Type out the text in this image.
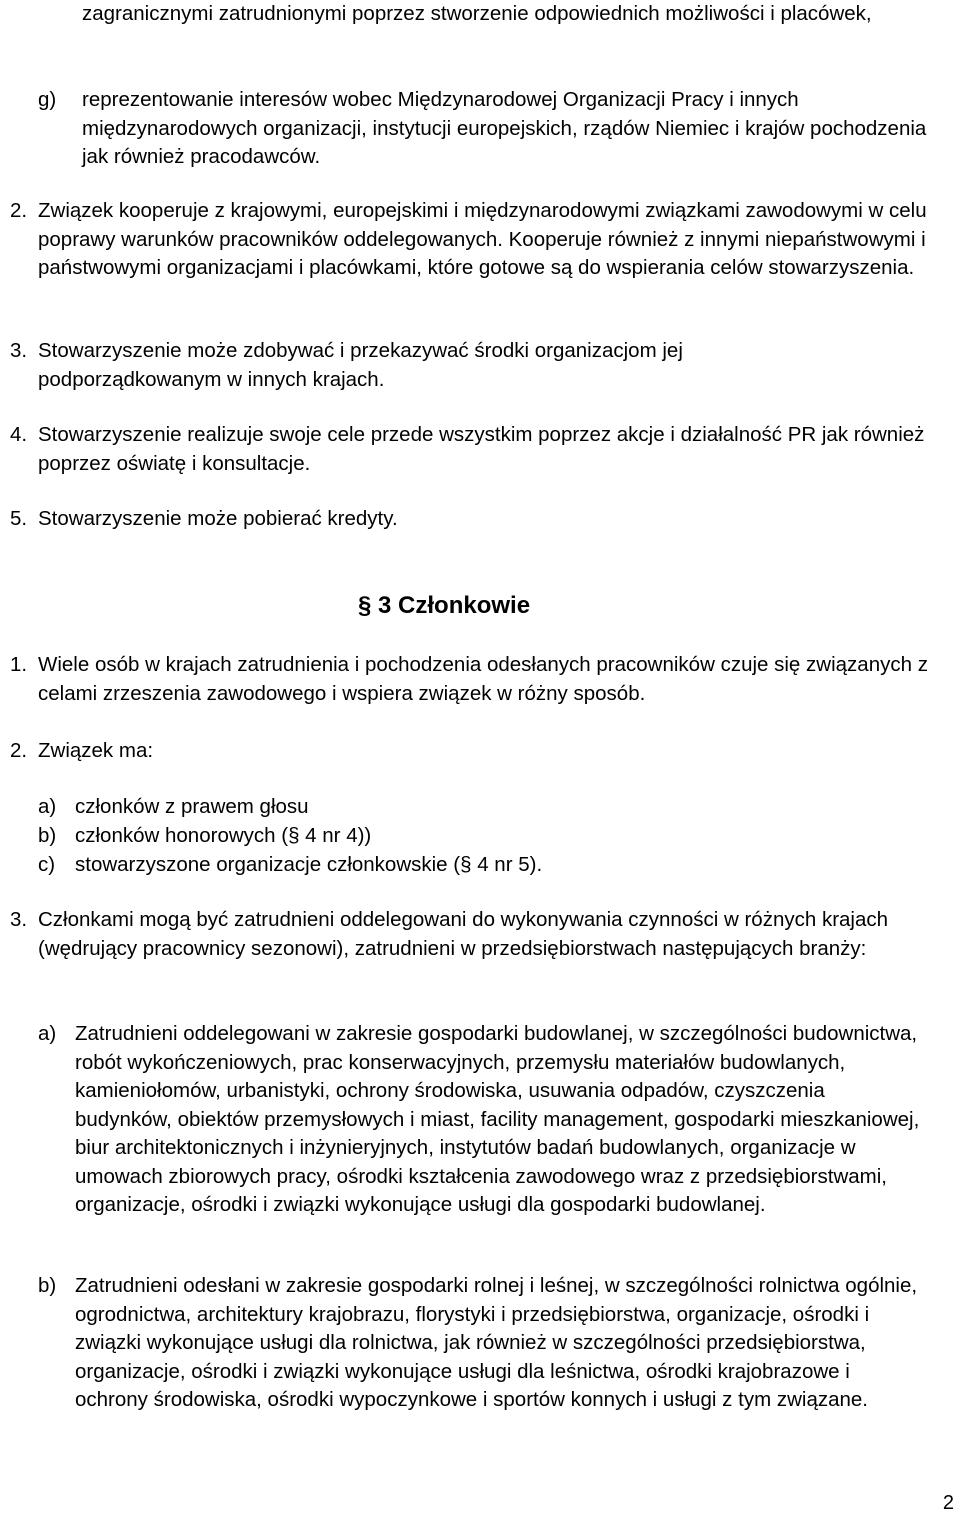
zagranicznymi zatrudnionymi poprzez stworzenie odpowiednich możliwości i placówek,

g) reprezentowanie interesów wobec Międzynarodowej Organizacji Pracy i innych międzynarodowych organizacji, instytucji europejskich, rządów Niemiec i krajów pochodzenia jak również pracodawców.
2. Związek kooperuje z krajowymi, europejskimi i międzynarodowymi związkami zawodowymi w celu poprawy warunków pracowników oddelegowanych. Kooperuje również z innymi niepaństwowymi i państwowymi organizacjami i placówkami, które gotowe są do wspierania celów stowarzyszenia.
3. Stowarzyszenie może zdobywać i przekazywać środki organizacjom jej podporządkowanym w innych krajach.
4. Stowarzyszenie realizuje swoje cele przede wszystkim poprzez akcje i działalność PR jak również poprzez oświatę i konsultacje.
5. Stowarzyszenie może pobierać kredyty.
§ 3 Członkowie
1. Wiele osób w krajach zatrudnienia i pochodzenia odesłanych pracowników czuje się związanych z celami zrzeszenia zawodowego i wspiera związek w różny sposób.
2. Związek ma:
a) członków z prawem głosu
b) członków honorowych (§ 4 nr 4))
c) stowarzyszone organizacje członkowskie (§ 4 nr 5).
3. Członkami mogą być zatrudnieni oddelegowani do wykonywania czynności w różnych krajach (wędrujący pracownicy sezonowi), zatrudnieni w przedsiębiorstwach następujących branży:
a) Zatrudnieni oddelegowani w zakresie gospodarki budowlanej, w szczególności budownictwa, robót wykończeniowych, prac konserwacyjnych, przemysłu materiałów budowlanych, kamieniołomów, urbanistyki, ochrony środowiska, usuwania odpadów, czyszczenia budynków, obiektów przemysłowych i miast, facility management, gospodarki mieszkaniowej, biur architektonicznych i inżynieryjnych, instytutów badań budowlanych, organizacje w umowach zbiorowych pracy, ośrodki kształcenia zawodowego wraz z przedsiębiorstwami, organizacje, ośrodki i związki wykonujące usługi dla gospodarki budowlanej.
b) Zatrudnieni odesłani w zakresie gospodarki rolnej i leśnej, w szczególności rolnictwa ogólnie, ogrodnictwa, architektury krajobrazu, florystyki i przedsiębiorstwa, organizacje, ośrodki i związki wykonujące usługi dla rolnictwa, jak również w szczególności przedsiębiorstwa, organizacje, ośrodki i związki wykonujące usługi dla leśnictwa, ośrodki krajobrazowe i ochrony środowiska, ośrodki wypoczynkowe i sportów konnych i usługi z tym związane.
2
